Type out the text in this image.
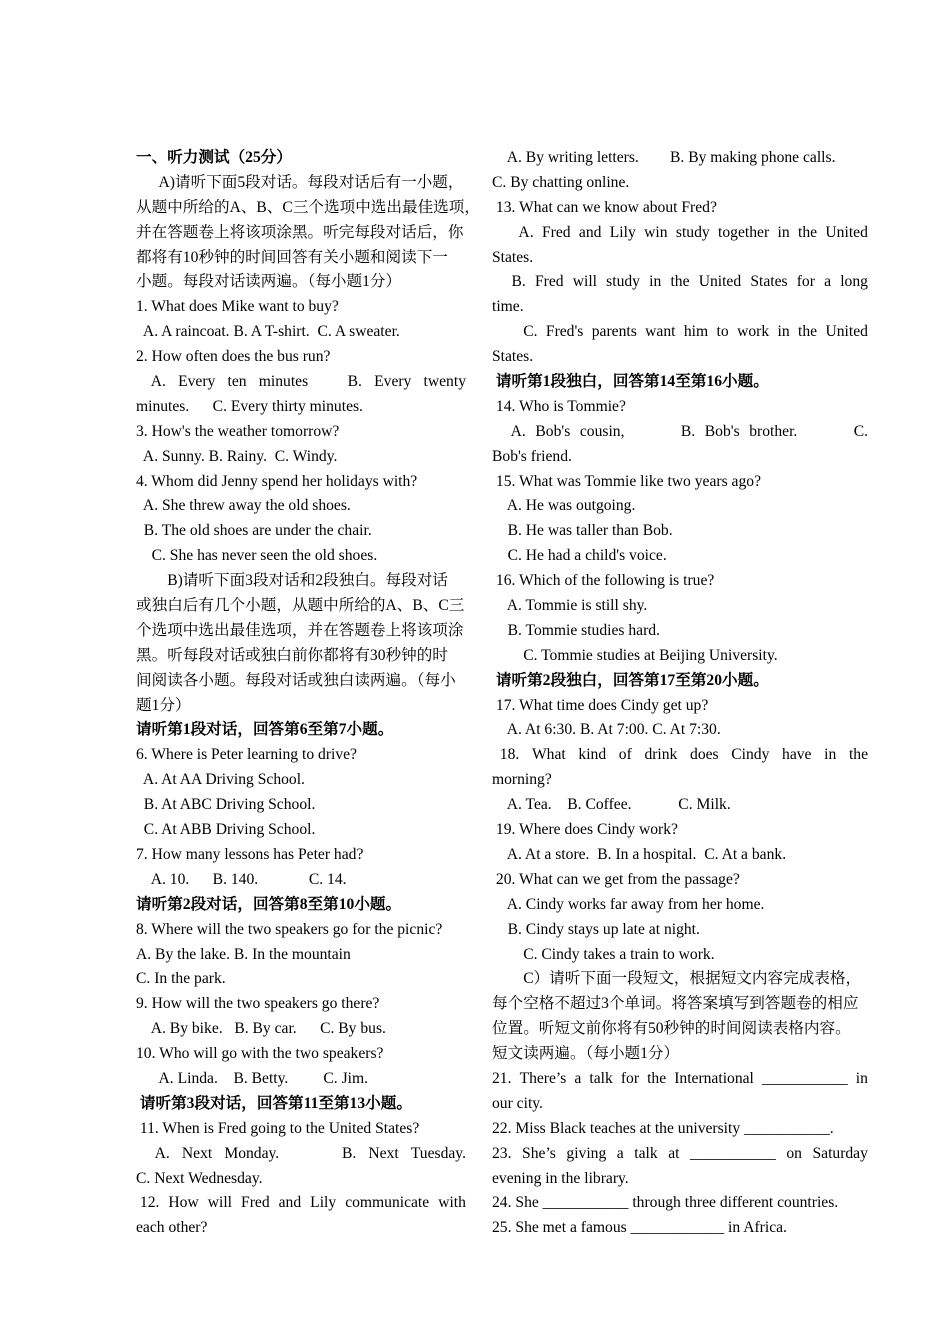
一、听力测试（25分）
A)请听下面5段对话。每段对话后有一小题，
从题中所给的A、B、C三个选项中选出最佳选项，
并在答题卷上将该项涂黑。听完每段对话后，你
都将有10秒钟的时间回答有关小题和阅读下一
小题。每段对话读两遍。（每小题1分）
1. What does Mike want to buy?
A. A raincoat. B. A T-shirt.  C. A sweater.
2. How often does the bus run?
A. Every ten minutes B. Every twenty
minutes.      C. Every thirty minutes.
3. How's the weather tomorrow?
A. Sunny. B. Rainy.  C. Windy.
4. Whom did Jenny spend her holidays with?
A. She threw away the old shoes.
B. The old shoes are under the chair.
C. She has never seen the old shoes.
B)请听下面3段对话和2段独白。每段对话
或独白后有几个小题，从题中所给的A、B、C三
个选项中选出最佳选项，并在答题卷上将该项涂
黑。听每段对话或独白前你都将有30秒钟的时
间阅读各小题。每段对话或独白读两遍。（每小
题1分）
请听第1段对话，回答第6至第7小题。
6. Where is Peter learning to drive?
A. At AA Driving School.
B. At ABC Driving School.
C. At ABB Driving School.
7. How many lessons has Peter had?
A. 10.      B. 140.             C. 14.
请听第2段对话，回答第8至第10小题。
8. Where will the two speakers go for the picnic?
A. By the lake. B. In the mountain
C. In the park.
9. How will the two speakers go there?
A. By bike.   B. By car.      C. By bus.
10. Who will go with the two speakers?
A. Linda.    B. Betty.         C. Jim.
请听第3段对话，回答第11至第13小题。
11. When is Fred going to the United States?
A. Next Monday. B. Next Tuesday.
C. Next Wednesday.
12. How will Fred and Lily communicate with
each other?
A. By writing letters.        B. By making phone calls.
C. By chatting online.
13. What can we know about Fred?
A. Fred and Lily win study together in the United
States.
B. Fred will study in the United States for a long
time.
C. Fred's parents want him to work in the United
States.
请听第1段独白，回答第14至第16小题。
14. Who is Tommie?
A. Bob's cousin, B. Bob's brother. C.
Bob's friend.
15. What was Tommie like two years ago?
A. He was outgoing.
B. He was taller than Bob.
C. He had a child's voice.
16. Which of the following is true?
A. Tommie is still shy.
B. Tommie studies hard.
C. Tommie studies at Beijing University.
请听第2段独白，回答第17至第20小题。
17. What time does Cindy get up?
A. At 6:30. B. At 7:00. C. At 7:30.
18. What kind of drink does Cindy have in the
morning?
A. Tea.    B. Coffee.            C. Milk.
19. Where does Cindy work?
A. At a store.  B. In a hospital.  C. At a bank.
20. What can we get from the passage?
A. Cindy works far away from her home.
B. Cindy stays up late at night.
C. Cindy takes a train to work.
C）请听下面一段短文，根据短文内容完成表格，
每个空格不超过3个单词。将答案填写到答题卷的相应
位置。听短文前你将有50秒钟的时间阅读表格内容。
短文读两遍。（每小题1分）
21. There’s a talk for the International ___________ in
our city.
22. Miss Black teaches at the university ___________.
23. She’s giving a talk at ___________ on Saturday
evening in the library.
24. She ___________ through three different countries.
25. She met a famous ____________ in Africa.
